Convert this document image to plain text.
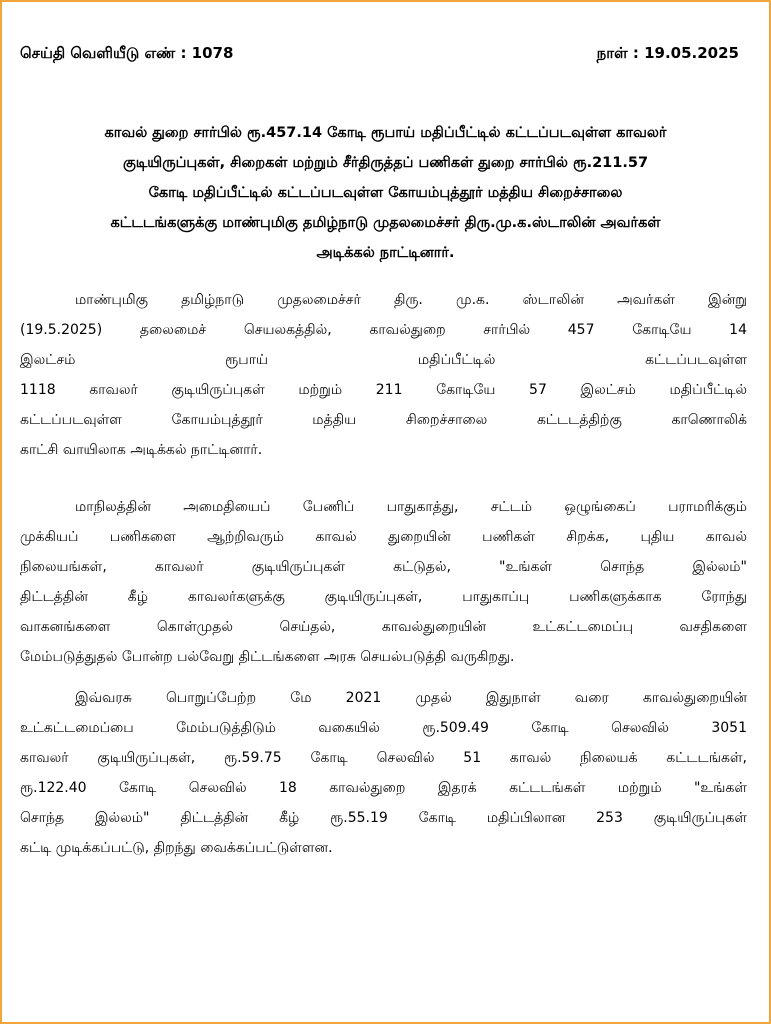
செய்தி வெளியீடு எண் : 1078	நாள் : 19.05.2025
காவல் துறை சார்பில் ரூ.457.14 கோடி ரூபாய் மதிப்பீட்டில் கட்டப்படவுள்ள காவலர்
குடியிருப்புகள், சிறைகள் மற்றும் சீர்திருத்தப் பணிகள் துறை சார்பில் ரூ.211.57
கோடி மதிப்பீட்டில் கட்டப்படவுள்ள கோயம்புத்தூர் மத்திய சிறைச்சாலை
கட்டடங்களுக்கு மாண்புமிகு தமிழ்நாடு முதலமைச்சர் திரு.மு.க.ஸ்டாலின் அவர்கள்
அடிக்கல் நாட்டினார்.
மாண்புமிகு தமிழ்நாடு முதலமைச்சர் திரு. மு.க. ஸ்டாலின் அவர்கள் இன்று
(19.5.2025) தலைமைச் செயலகத்தில், காவல்துறை சார்பில் 457 கோடியே 14
இலட்சம் ரூபாய் மதிப்பீட்டில் கட்டப்படவுள்ள
1118 காவலர் குடியிருப்புகள் மற்றும் 211 கோடியே 57 இலட்சம் மதிப்பீட்டில்
கட்டப்படவுள்ள கோயம்புத்தூர் மத்திய சிறைச்சாலை கட்டடத்திற்கு காணொலிக்
காட்சி வாயிலாக அடிக்கல் நாட்டினார்.
மாநிலத்தின் அமைதியைப் பேணிப் பாதுகாத்து, சட்டம் ஒழுங்கைப் பராமரிக்கும்
முக்கியப் பணிகளை ஆற்றிவரும் காவல் துறையின் பணிகள் சிறக்க, புதிய காவல்
நிலையங்கள், காவலர் குடியிருப்புகள் கட்டுதல், "உங்கள் சொந்த இல்லம்"
திட்டத்தின் கீழ் காவலர்களுக்கு குடியிருப்புகள், பாதுகாப்பு பணிகளுக்காக ரோந்து
வாகனங்களை கொள்முதல் செய்தல், காவல்துறையின் உட்கட்டமைப்பு வசதிகளை
மேம்படுத்துதல் போன்ற பல்வேறு திட்டங்களை அரசு செயல்படுத்தி வருகிறது.
இவ்வரசு பொறுப்பேற்ற மே 2021 முதல் இதுநாள் வரை காவல்துறையின்
உட்கட்டமைப்பை மேம்படுத்திடும் வகையில் ரூ.509.49 கோடி செலவில் 3051
காவலர் குடியிருப்புகள், ரூ.59.75 கோடி செலவில் 51 காவல் நிலையக் கட்டடங்கள்,
ரூ.122.40 கோடி செலவில் 18 காவல்துறை இதரக் கட்டடங்கள் மற்றும் "உங்கள்
சொந்த இல்லம்" திட்டத்தின் கீழ் ரூ.55.19 கோடி மதிப்பிலான 253 குடியிருப்புகள்
கட்டி முடிக்கப்பட்டு, திறந்து வைக்கப்பட்டுள்ளன.
